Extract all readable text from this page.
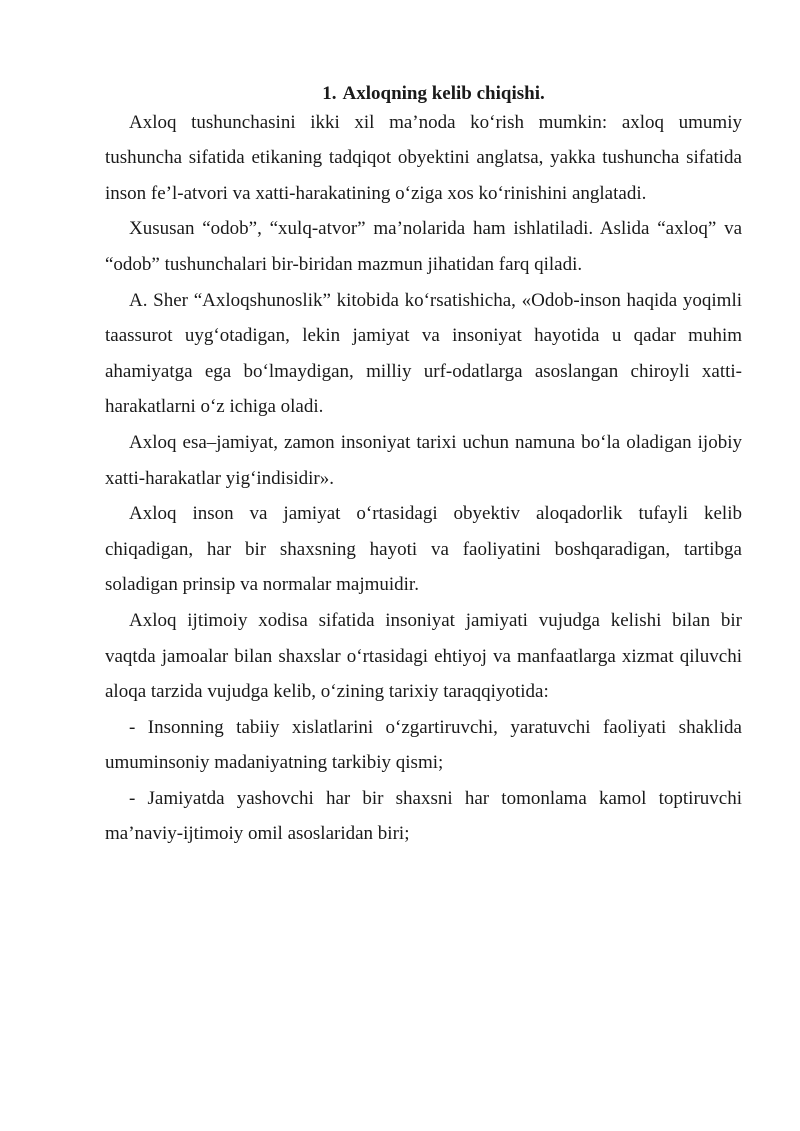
1. Axloqning kelib chiqishi.

Axloq tushunchasini ikki xil ma’noda ko‘rish mumkin: axloq umumiy tushuncha sifatida etikaning tadqiqot obyektini anglatsa, yakka tushuncha sifatida inson fe’l-atvori va xatti-harakatining o‘ziga xos ko‘rinishini anglatadi.

Xususan “odob”, “xulq-atvor” ma’nolarida ham ishlatiladi. Aslida “axloq” va “odob” tushunchalari bir-biridan mazmun jihatidan farq qiladi.

A. Sher “Axloqshunoslik” kitobida ko‘rsatishicha, «Odob-inson haqida yoqimli taassurot uyg‘otadigan, lekin jamiyat va insoniyat hayotida u qadar muhim ahamiyatga ega bo‘lmaydigan, milliy urf-odatlarga asoslangan chiroyli xatti-harakatlarni o‘z ichiga oladi.

Axloq esa–jamiyat, zamon insoniyat tarixi uchun namuna bo‘la oladigan ijobiy xatti-harakatlar yig‘indisidir».

Axloq inson va jamiyat o‘rtasidagi obyektiv aloqadorlik tufayli kelib chiqadigan, har bir shaxsning hayoti va faoliyatini boshqaradigan, tartibga soladigan prinsip va normalar majmuidir.

Axloq ijtimoiy xodisa sifatida insoniyat jamiyati vujudga kelishi bilan bir vaqtda jamoalar bilan shaxslar o‘rtasidagi ehtiyoj va manfaatlarga xizmat qiluvchi aloqa tarzida vujudga kelib, o‘zining tarixiy taraqqiyotida:

- Insonning tabiiy xislatlarini o‘zgartiruvchi, yaratuvchi faoliyati shaklida umuminsoniy madaniyatning tarkibiy qismi;

- Jamiyatda yashovchi har bir shaxsni har tomonlama kamol toptiruvchi ma’naviy-ijtimoiy omil asoslaridan biri;
